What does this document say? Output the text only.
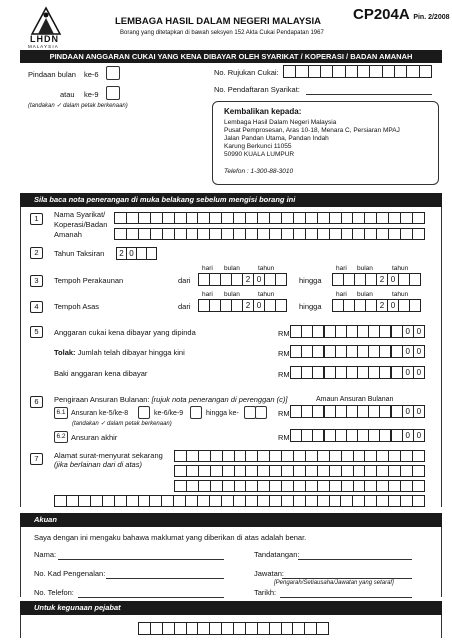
LHDN
M A L A Y S I A
LEMBAGA HASIL DALAM NEGERI MALAYSIA
Borang yang ditetapkan di bawah seksyen 152 Akta Cukai Pendapatan 1967
CP204A Pin. 2/2008
PINDAAN ANGGARAN CUKAI YANG KENA DIBAYAR OLEH SYARIKAT / KOPERASI / BADAN AMANAH
Pindaan bulan ke-6
atau ke-9
(tandakan ✓ dalam petak berkenaan)
No. Rujukan Cukai:
No. Pendaftaran Syarikat:
Kembalikan kepada:
Lembaga Hasil Dalam Negeri Malaysia
Pusat Pemprosesan, Aras 10-18, Menara C, Persiaran MPAJ
Jalan Pandan Utama, Pandan Indah
Karung Berkunci 11055
50990 KUALA LUMPUR
Telefon : 1-300-88-3010
Sila baca nota penerangan di muka belakang sebelum mengisi borang ini
1	Nama Syarikat/
Koperasi/Badan
Amanah
2	Tahun Taksiran	2 0
hari bulan	tahun	hari bulan	tahun
3	Tempoh Perakaunan	dari	hingga
2 0	2 0
hari bulan	tahun	hari bulan	tahun
4	Tempoh Asas	dari	hingga
2 0	2 0
5	Anggaran cukai kena dibayar yang dipinda	RM	0 0
Tolak: Jumlah telah dibayar hingga kini	RM	0 0
Baki anggaran kena dibayar	RM	0 0
6	Pengiraan Ansuran Bulanan: [rujuk nota penerangan di perenggan (c)]	Amaun Ansuran Bulanan
6.1 Ansuran ke-5/ke-8	ke-6/ke-9	hingga ke-	RM	0 0
(tandakan ✓ dalam petak berkenaan)
6.2 Ansuran akhir	RM	0 0
7	Alamat surat-menyurat sekarang
(jika berlainan dari di atas)
Akuan
Saya dengan ini mengaku bahawa maklumat yang diberikan di atas adalah benar.
Nama:	Tandatangan:
No. Kad Pengenalan:	Jawatan:
[Pengarah/Setiausaha/Jawatan yang setaraf]
No. Telefon:	Tarikh:
Untuk kegunaan pejabat
